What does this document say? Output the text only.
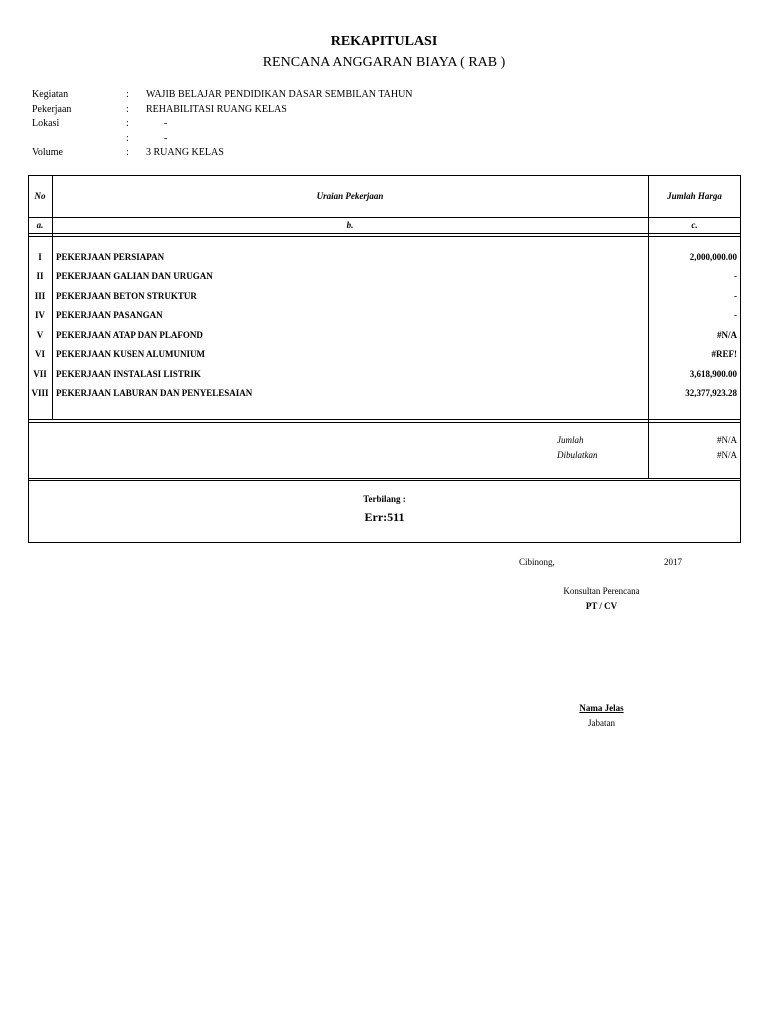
REKAPITULASI
RENCANA ANGGARAN BIAYA ( RAB )
Kegiatan	: WAJIB BELAJAR PENDIDIKAN DASAR SEMBILAN TAHUN
Pekerjaan	: REHABILITASI RUANG KELAS
Lokasi	:	-
:	-
Volume	: 3 RUANG KELAS
No	Uraian Pekerjaan	Jumlah Harga
a.	b.	c.
I	PEKERJAAN PERSIAPAN	2,000,000.00
II	PEKERJAAN GALIAN DAN URUGAN	-
III	PEKERJAAN BETON STRUKTUR	-
IV	PEKERJAAN PASANGAN	-
V	PEKERJAAN ATAP DAN PLAFOND	#N/A
VI	PEKERJAAN KUSEN ALUMUNIUM	#REF!
VII	PEKERJAAN INSTALASI LISTRIK	3,618,900.00
VIII PEKERJAAN LABURAN DAN PENYELESAIAN	32,377,923.28
Jumlah	#N/A
Dibulatkan	#N/A
Terbilang :
Err:511
Cibinong,	2017
Konsultan Perencana
PT / CV
Nama Jelas
Jabatan
